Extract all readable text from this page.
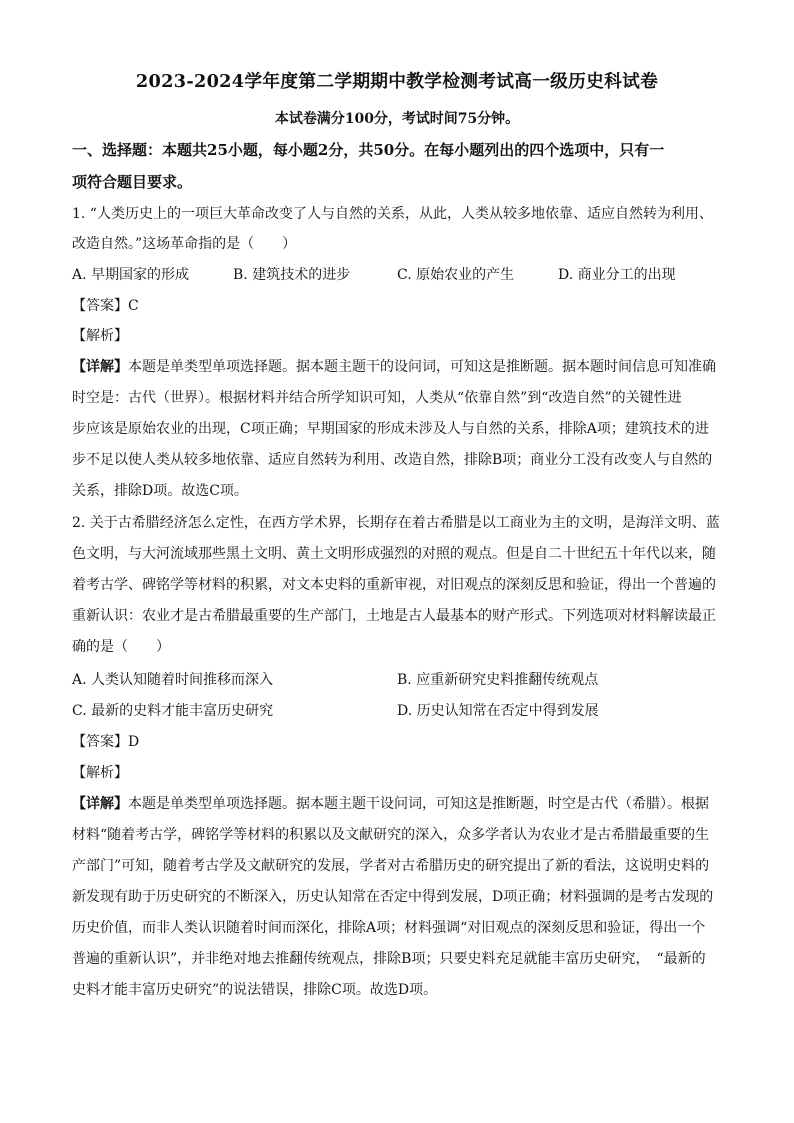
2023-2024学年度第二学期期中教学检测考试高一级历史科试卷
本试卷满分100分，考试时间75分钟。
一、选择题：本题共25小题，每小题2分，共50分。在每小题列出的四个选项中，只有一
项符合题目要求。
1. “人类历史上的一项巨大革命改变了人与自然的关系，从此，人类从较多地依靠、适应自然转为利用、
改造自然。”这场革命指的是（　　）
A. 早期国家的形成	B. 建筑技术的进步	C. 原始农业的产生	D. 商业分工的出现
【答案】C
【解析】
【详解】本题是单类型单项选择题。据本题主题干的设问词，可知这是推断题。据本题时间信息可知准确
时空是：古代（世界）。根据材料并结合所学知识可知，人类从“依靠自然”到“改造自然”的关键性进
步应该是原始农业的出现，C项正确；早期国家的形成未涉及人与自然的关系，排除A项；建筑技术的进
步不足以使人类从较多地依靠、适应自然转为利用、改造自然，排除B项；商业分工没有改变人与自然的
关系，排除D项。故选C项。
2. 关于古希腊经济怎么定性，在西方学术界，长期存在着古希腊是以工商业为主的文明，是海洋文明、蓝
色文明，与大河流域那些黑土文明、黄土文明形成强烈的对照的观点。但是自二十世纪五十年代以来，随
着考古学、碑铭学等材料的积累，对文本史料的重新审视，对旧观点的深刻反思和验证，得出一个普遍的
重新认识：农业才是古希腊最重要的生产部门，土地是古人最基本的财产形式。下列选项对材料解读最正
确的是（　　）
A. 人类认知随着时间推移而深入	B. 应重新研究史料推翻传统观点
C. 最新的史料才能丰富历史研究	D. 历史认知常在否定中得到发展
【答案】D
【解析】
【详解】本题是单类型单项选择题。据本题主题干设问词，可知这是推断题，时空是古代（希腊）。根据
材料“随着考古学，碑铭学等材料的积累以及文献研究的深入，众多学者认为农业才是古希腊最重要的生
产部门”可知，随着考古学及文献研究的发展，学者对古希腊历史的研究提出了新的看法，这说明史料的
新发现有助于历史研究的不断深入，历史认知常在否定中得到发展，D项正确；材料强调的是考古发现的
历史价值，而非人类认识随着时间而深化，排除A项；材料强调“对旧观点的深刻反思和验证，得出一个
普遍的重新认识”，并非绝对地去推翻传统观点，排除B项；只要史料充足就能丰富历史研究，　“最新的
史料才能丰富历史研究”的说法错误，排除C项。故选D项。
